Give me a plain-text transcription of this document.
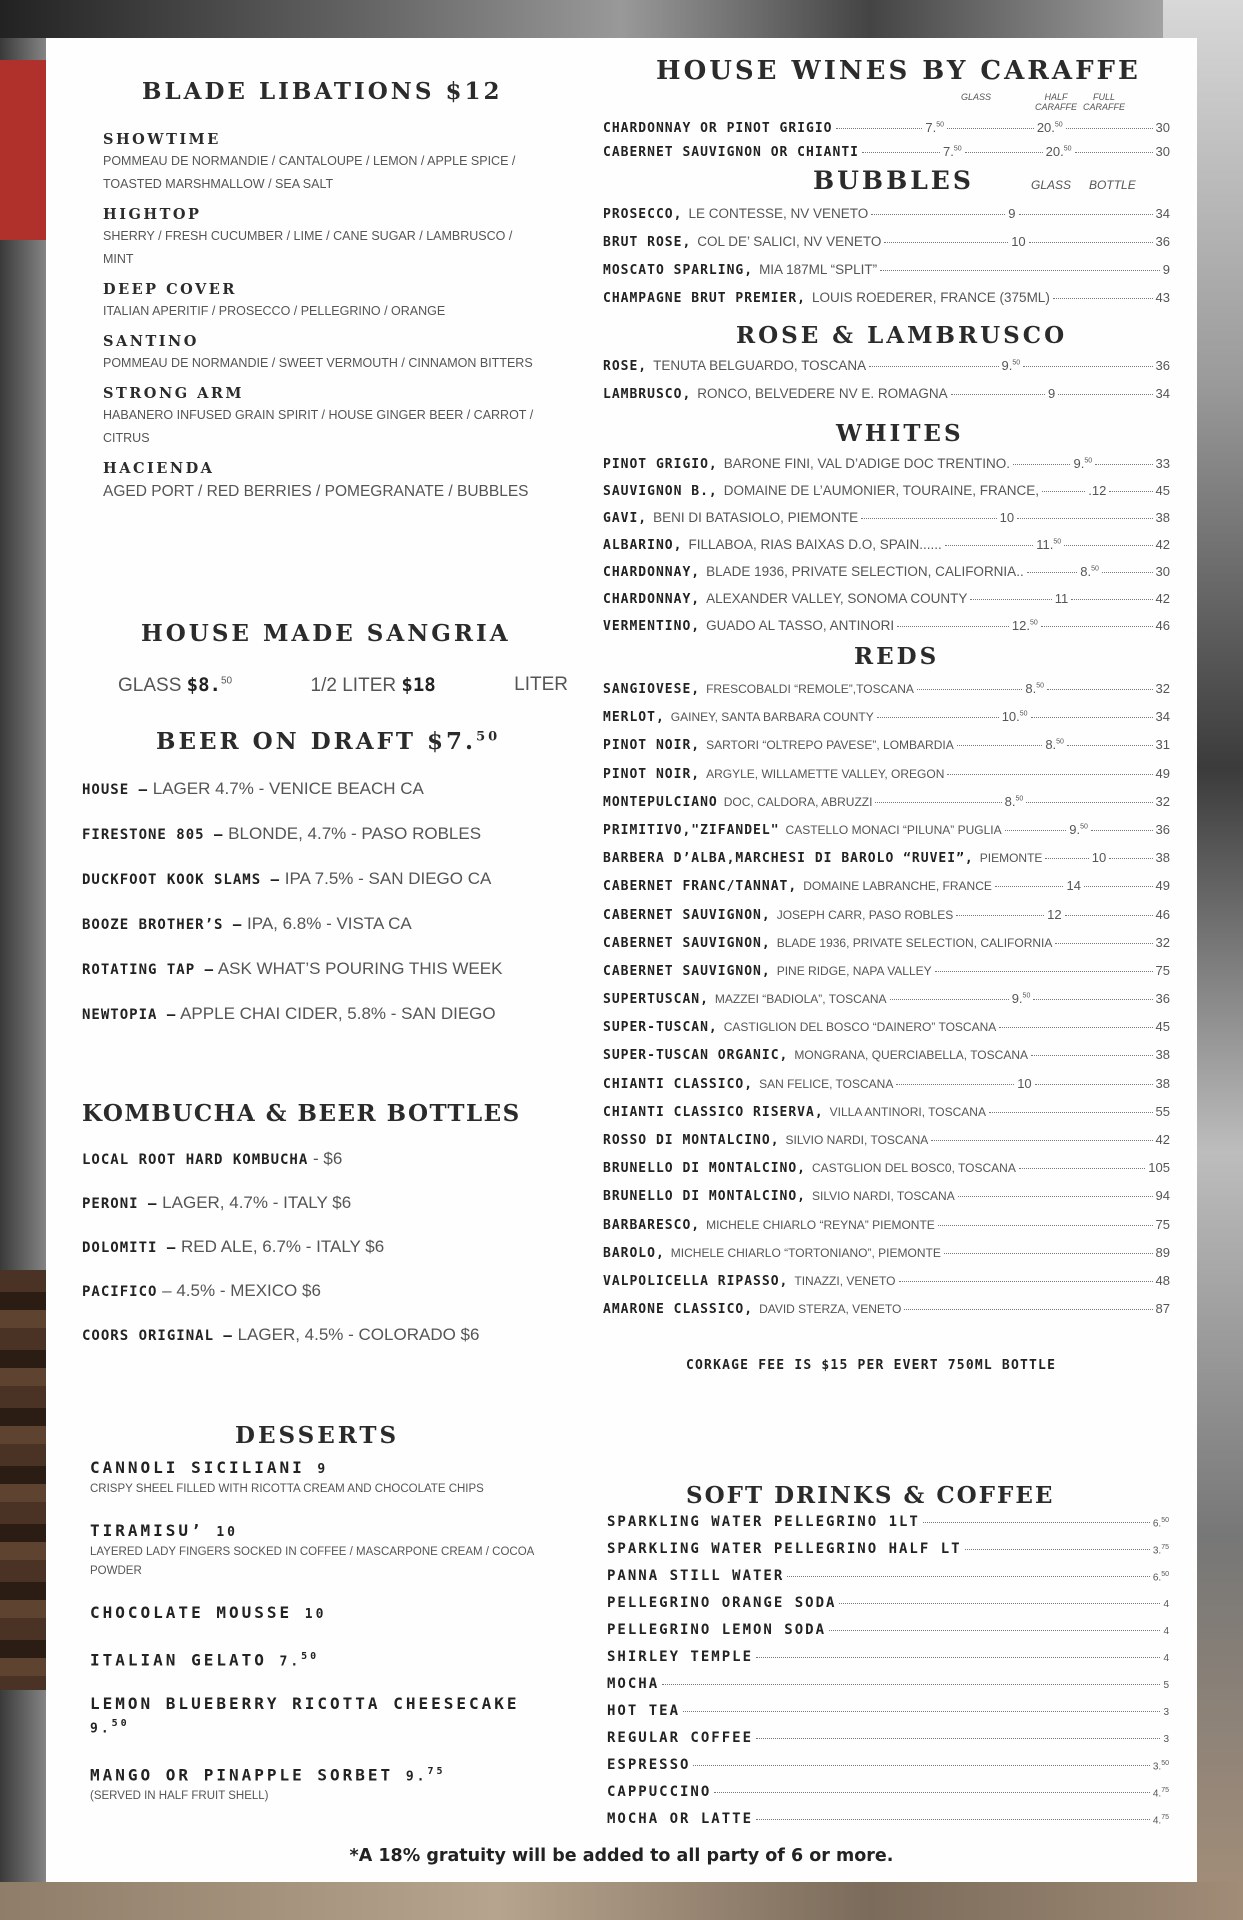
BLADE LIBATIONS $12
SHOWTIME
POMMEAU DE NORMANDIE / CANTALOUPE / LEMON / APPLE SPICE / TOASTED MARSHMALLOW / SEA SALT
HIGHTOP
SHERRY / FRESH CUCUMBER / LIME / CANE SUGAR / LAMBRUSCO / MINT
DEEP COVER
ITALIAN APERITIF / PROSECCO / PELLEGRINO / ORANGE
SANTINO
POMMEAU DE NORMANDIE / SWEET VERMOUTH / CINNAMON BITTERS
STRONG ARM
HABANERO INFUSED GRAIN SPIRIT / HOUSE GINGER BEER / CARROT / CITRUS
HACIENDA
AGED PORT / RED BERRIES / POMEGRANATE / BUBBLES
HOUSE MADE SANGRIA
GLASS $8.50	1/2 LITER $18	LITER
BEER ON DRAFT $7.50
HOUSE – LAGER 4.7% - VENICE BEACH CA
FIRESTONE 805 – BLONDE, 4.7% - PASO ROBLES
DUCKFOOT KOOK SLAMS – IPA 7.5% - SAN DIEGO CA
BOOZE BROTHER’S – IPA, 6.8% - VISTA CA
ROTATING TAP – ASK WHAT’S POURING THIS WEEK
NEWTOPIA – APPLE CHAI CIDER, 5.8% - SAN DIEGO
KOMBUCHA & BEER BOTTLES
LOCAL ROOT HARD KOMBUCHA - $6
PERONI – LAGER, 4.7% - ITALY $6
DOLOMITI – RED ALE, 6.7% - ITALY $6
PACIFICO – 4.5% - MEXICO $6
COORS ORIGINAL – LAGER, 4.5% - COLORADO $6
DESSERTS
CANNOLI SICILIANI 9
CRISPY SHEEL FILLED WITH RICOTTA CREAM AND CHOCOLATE CHIPS
TIRAMISU’ 10
LAYERED LADY FINGERS SOCKED IN COFFEE / MASCARPONE CREAM / COCOA POWDER
CHOCOLATE MOUSSE 10
ITALIAN GELATO 7.50
LEMON BLUEBERRY RICOTTA CHEESECAKE 9.50
MANGO OR PINAPPLE SORBET 9.75
(SERVED IN HALF FRUIT SHELL)
HOUSE WINES BY CARAFFE
GLASS	HALF CARAFFE
FULL CARAFFE
CHARDONNAY OR PINOT GRIGIO	7.50	20.50	30
CABERNET SAUVIGNON OR CHIANTI	7.50	20.50	30
BUBBLES	GLASS BOTTLE
PROSECCO, LE CONTESSE, NV VENETO	9	34
BRUT ROSE, COL DE’ SALICI, NV VENETO	10	36
MOSCATO SPARLING, MIA 187ML “SPLIT”	9
CHAMPAGNE BRUT PREMIER, LOUIS ROEDERER, FRANCE (375ML)	43
ROSE & LAMBRUSCO
ROSE, TENUTA BELGUARDO, TOSCANA	9.50	36
LAMBRUSCO, RONCO, BELVEDERE NV E. ROMAGNA	9	34
WHITES
PINOT GRIGIO, BARONE FINI, VAL D’ADIGE DOC TRENTINO.	9.50	33
SAUVIGNON B., DOMAINE DE L’AUMONIER, TOURAINE, FRANCE,	.12	45
GAVI, BENI DI BATASIOLO, PIEMONTE	10	38
ALBARINO, FILLABOA, RIAS BAIXAS D.O, SPAIN......	11.50	42
CHARDONNAY, BLADE 1936, PRIVATE SELECTION, CALIFORNIA..	8.50	30
CHARDONNAY, ALEXANDER VALLEY, SONOMA COUNTY	11	42
VERMENTINO, GUADO AL TASSO, ANTINORI	12.50	46
REDS
SANGIOVESE, FRESCOBALDI “REMOLE”,TOSCANA	8.50	32
MERLOT, GAINEY, SANTA BARBARA COUNTY	10.50	34
PINOT NOIR, SARTORI “OLTREPO PAVESE”, LOMBARDIA	8.50	31
PINOT NOIR, ARGYLE, WILLAMETTE VALLEY, OREGON	49
MONTEPULCIANO DOC, CALDORA, ABRUZZI	8.50	32
PRIMITIVO,"ZIFANDEL" CASTELLO MONACI “PILUNA” PUGLIA	9.50	36
BARBERA D’ALBA,MARCHESI DI BAROLO “RUVEI”, PIEMONTE	10	38
CABERNET FRANC/TANNAT, DOMAINE LABRANCHE, FRANCE	14	49
CABERNET SAUVIGNON, JOSEPH CARR, PASO ROBLES	12	46
CABERNET SAUVIGNON, BLADE 1936, PRIVATE SELECTION, CALIFORNIA	32
CABERNET SAUVIGNON, PINE RIDGE, NAPA VALLEY	75
SUPERTUSCAN, MAZZEI “BADIOLA”, TOSCANA	9.50	36
SUPER-TUSCAN, CASTIGLION DEL BOSCO “DAINERO” TOSCANA	45
SUPER-TUSCAN ORGANIC, MONGRANA, QUERCIABELLA, TOSCANA	38
CHIANTI CLASSICO, SAN FELICE, TOSCANA	10	38
CHIANTI CLASSICO RISERVA, VILLA ANTINORI, TOSCANA	55
ROSSO DI MONTALCINO, SILVIO NARDI, TOSCANA	42
BRUNELLO DI MONTALCINO, CASTGLION DEL BOSC0, TOSCANA	105
BRUNELLO DI MONTALCINO, SILVIO NARDI, TOSCANA	94
BARBARESCO, MICHELE CHIARLO “REYNA” PIEMONTE	75
BAROLO, MICHELE CHIARLO “TORTONIANO”, PIEMONTE	89
VALPOLICELLA RIPASSO, TINAZZI, VENETO	48
AMARONE CLASSICO, DAVID STERZA, VENETO	87
CORKAGE FEE IS $15 PER EVERT 750ML BOTTLE
SOFT DRINKS & COFFEE
SPARKLING WATER PELLEGRINO 1LT	6.50
SPARKLING WATER PELLEGRINO HALF LT	3.75
PANNA STILL WATER	6.50
PELLEGRINO ORANGE SODA	4
PELLEGRINO LEMON SODA	4
SHIRLEY TEMPLE	4
MOCHA	5
HOT TEA	3
REGULAR COFFEE	3
ESPRESSO	3.50
CAPPUCCINO	4.75
MOCHA OR LATTE	4.75
*A 18% gratuity will be added to all party of 6 or more.
